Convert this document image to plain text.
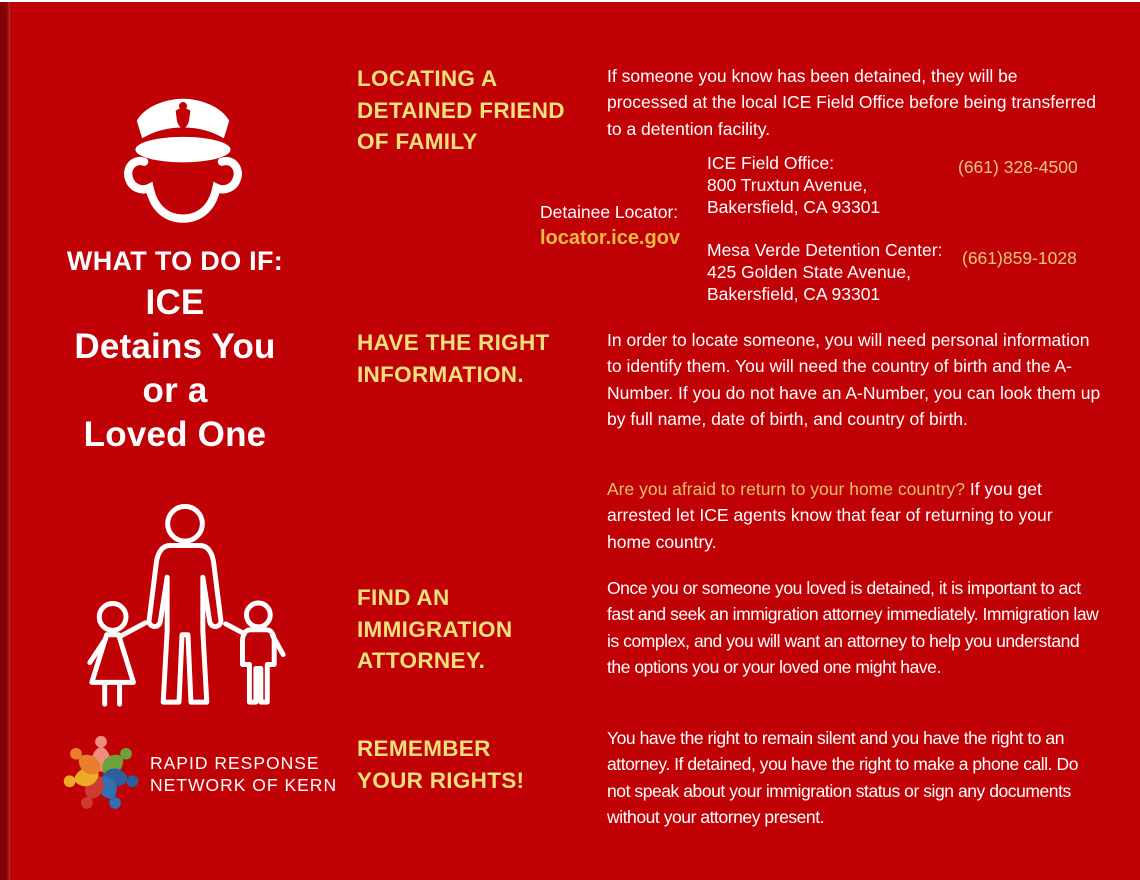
WHAT TO DO IF:
ICE
Detains You
or a
Loved One
RAPID RESPONSE
NETWORK OF KERN
LOCATING A
DETAINED FRIEND
OF FAMILY
HAVE THE RIGHT
INFORMATION.
FIND AN
IMMIGRATION
ATTORNEY.
REMEMBER
YOUR RIGHTS!
If someone you know has been detained, they will be processed at the local ICE Field Office before being transferred to a detention facility.
Detainee Locator:
locator.ice.gov
ICE Field Office:
800 Truxtun Avenue,
Bakersfield, CA 93301
(661) 328-4500
Mesa Verde Detention Center:
425 Golden State Avenue,
Bakersfield, CA 93301
(661)859-1028
In order to locate someone, you will need personal information to identify them. You will need the country of birth and the A-Number. If you do not have an A-Number, you can look them up by full name, date of birth, and country of birth.
Are you afraid to return to your home country? If you get arrested let ICE agents know that fear of returning to your home country.
Once you or someone you loved is detained, it is important to act fast and seek an immigration attorney immediately. Immigration law is complex, and you will want an attorney to help you understand the options you or your loved one might have.
You have the right to remain silent and you have the right to an attorney. If detained, you have the right to make a phone call. Do not speak about your immigration status or sign any documents without your attorney present.
